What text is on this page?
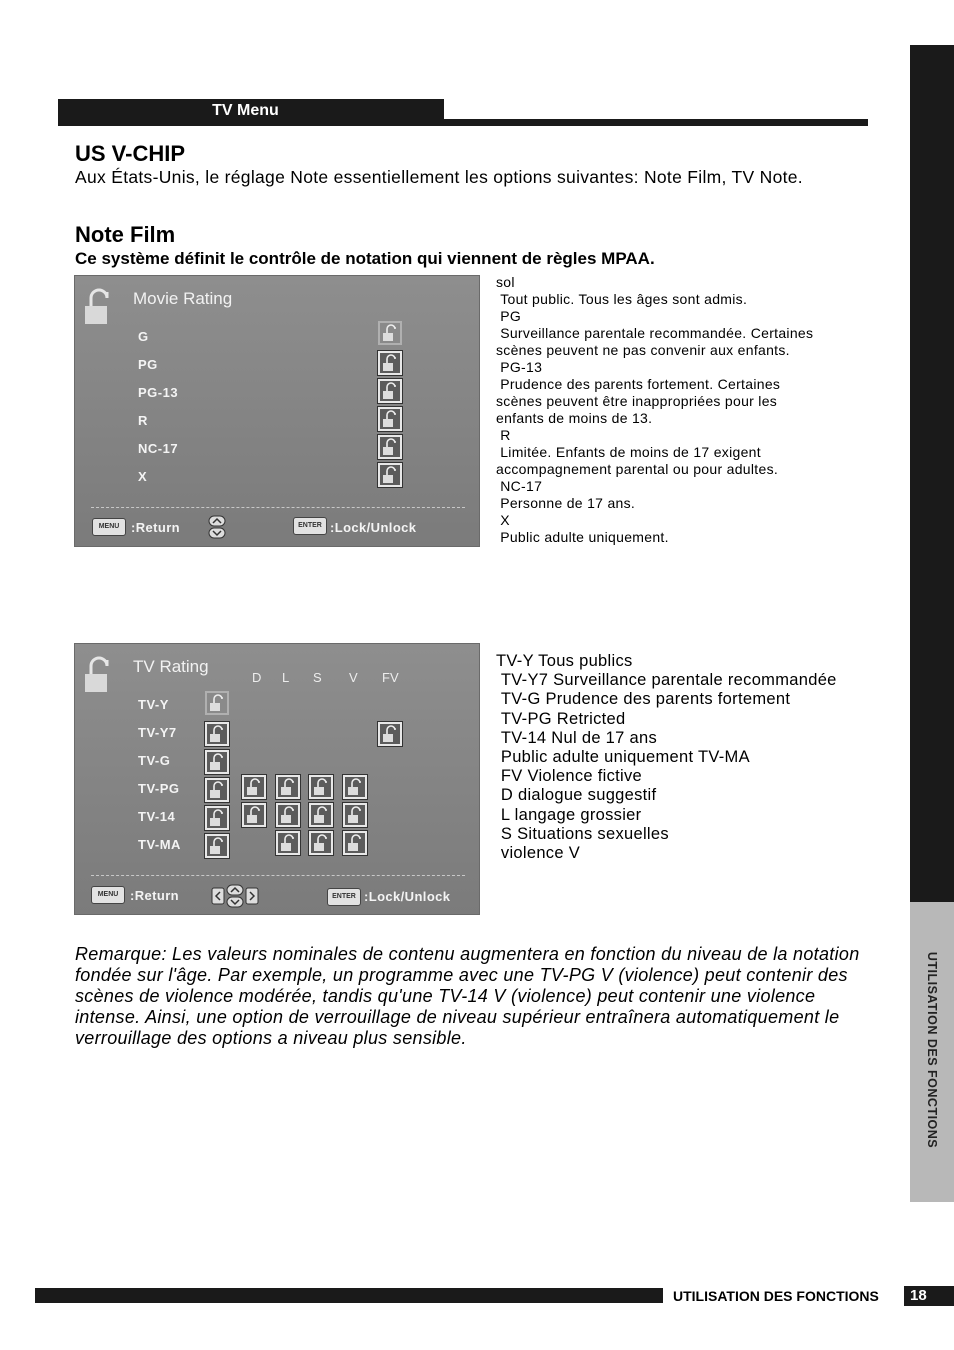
TV Menu
UTILISATION DES FONCTIONS
US V-CHIP
Aux États-Unis, le réglage Note essentiellement les options suivantes: Note Film, TV Note.
Note Film
Ce système définit le contrôle de notation qui viennent de règles MPAA.
Movie Rating
G
PG
PG-13
R
NC-17
X
MENU :Return	ENTER :Lock/Unlock
sol
Tout public. Tous les âges sont admis.
PG
Surveillance parentale recommandée. Certaines
scènes peuvent ne pas convenir aux enfants.
PG-13
Prudence des parents fortement. Certaines
scènes peuvent être inappropriées pour les
enfants de moins de 13.
R
Limitée. Enfants de moins de 17 exigent
accompagnement parental ou pour adultes.
NC-17
Personne de 17 ans.
X
Public adulte uniquement.
TV Rating
D L S V FV
TV-Y
TV-Y7
TV-G
TV-PG
TV-14
TV-MA
MENU :Return	ENTER :Lock/Unlock
TV-Y Tous publics
TV-Y7 Surveillance parentale recommandée
TV-G Prudence des parents fortement
TV-PG Retricted
TV-14 Nul de 17 ans
Public adulte uniquement TV-MA
FV Violence fictive
D dialogue suggestif
L langage grossier
S Situations sexuelles
violence V
Remarque: Les valeurs nominales de contenu augmentera en fonction du niveau de la notation fondée sur l'âge. Par exemple, un programme avec une TV-PG V (violence) peut contenir des scènes de violence modérée, tandis qu'une TV-14 V (violence) peut contenir une violence intense. Ainsi, une option de verrouillage de niveau supérieur entraînera automatiquement le verrouillage des options a niveau plus sensible.
UTILISATION DES FONCTIONS	18
